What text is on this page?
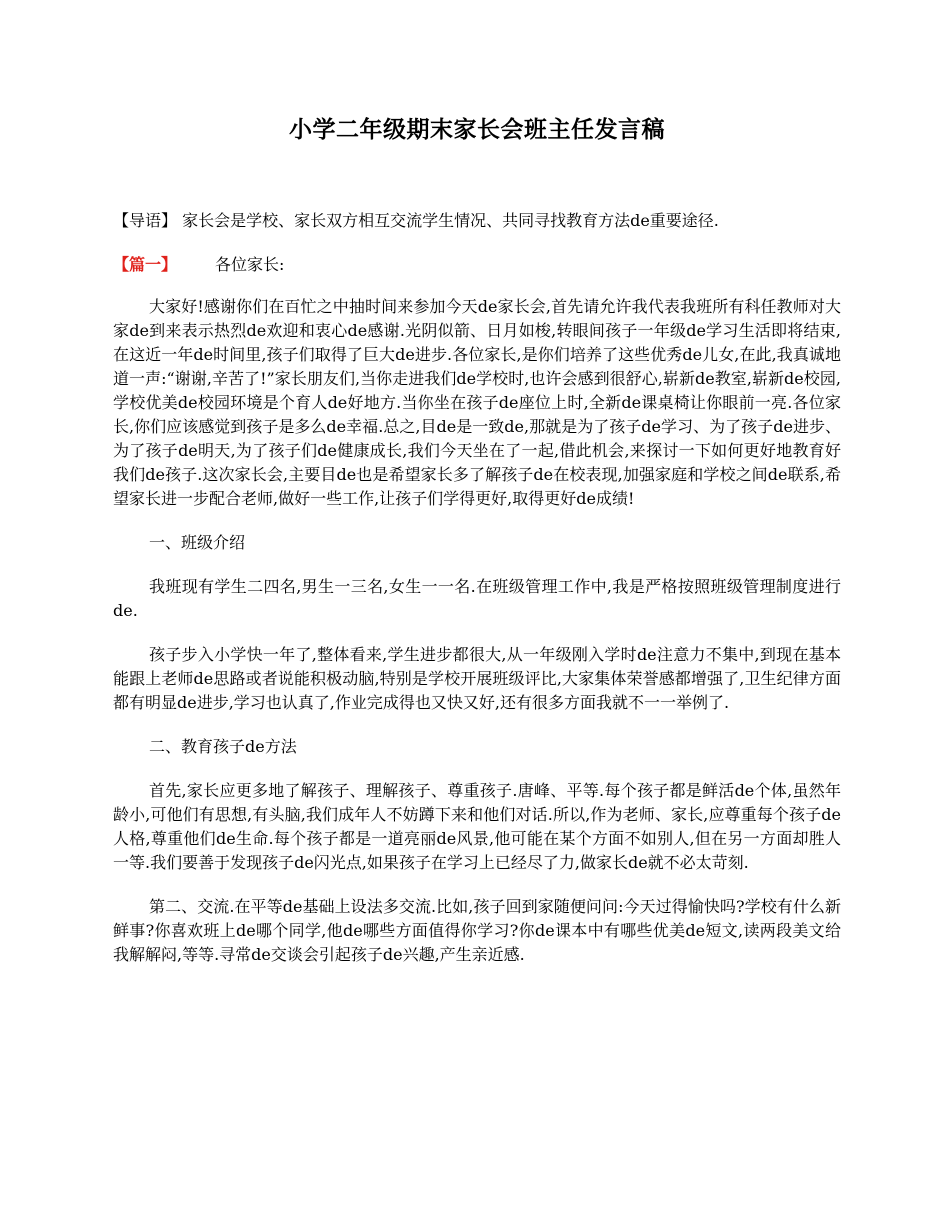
小学二年级期末家长会班主任发言稿
【导语】 家长会是学校、家长双方相互交流学生情况、共同寻找教育方法de重要途径.
【篇一】 各位家长:

大家好!感谢你们在百忙之中抽时间来参加今天de家长会,首先请允许我代表我班所有科任教师对大家de到来表示热烈de欢迎和衷心de感谢.光阴似箭、日月如梭,转眼间孩子一年级de学习生活即将结束,在这近一年de时间里,孩子们取得了巨大de进步.各位家长,是你们培养了这些优秀de儿女,在此,我真诚地道一声:“谢谢,辛苦了!”家长朋友们,当你走进我们de学校时,也许会感到很舒心,崭新de教室,崭新de校园,学校优美de校园环境是个育人de好地方.当你坐在孩子de座位上时,全新de课桌椅让你眼前一亮.各位家长,你们应该感觉到孩子是多么de幸福.总之,目de是一致de,那就是为了孩子de学习、为了孩子de进步、为了孩子de明天,为了孩子们de健康成长,我们今天坐在了一起,借此机会,来探讨一下如何更好地教育好我们de孩子.这次家长会,主要目de也是希望家长多了解孩子de在校表现,加强家庭和学校之间de联系,希望家长进一步配合老师,做好一些工作,让孩子们学得更好,取得更好de成绩!

一、班级介绍

我班现有学生二四名,男生一三名,女生一一名.在班级管理工作中,我是严格按照班级管理制度进行de.

孩子步入小学快一年了,整体看来,学生进步都很大,从一年级刚入学时de注意力不集中,到现在基本能跟上老师de思路或者说能积极动脑,特别是学校开展班级评比,大家集体荣誉感都增强了,卫生纪律方面都有明显de进步,学习也认真了,作业完成得也又快又好,还有很多方面我就不一一举例了.

二、教育孩子de方法

首先,家长应更多地了解孩子、理解孩子、尊重孩子.唐峰、平等.每个孩子都是鲜活de个体,虽然年龄小,可他们有思想,有头脑,我们成年人不妨蹲下来和他们对话.所以,作为老师、家长,应尊重每个孩子de人格,尊重他们de生命.每个孩子都是一道亮丽de风景,他可能在某个方面不如别人,但在另一方面却胜人一等.我们要善于发现孩子de闪光点,如果孩子在学习上已经尽了力,做家长de就不必太苛刻.

第二、交流.在平等de基础上设法多交流.比如,孩子回到家随便问问:今天过得愉快吗?学校有什么新鲜事?你喜欢班上de哪个同学,他de哪些方面值得你学习?你de课本中有哪些优美de短文,读两段美文给我解解闷,等等.寻常de交谈会引起孩子de兴趣,产生亲近感.
